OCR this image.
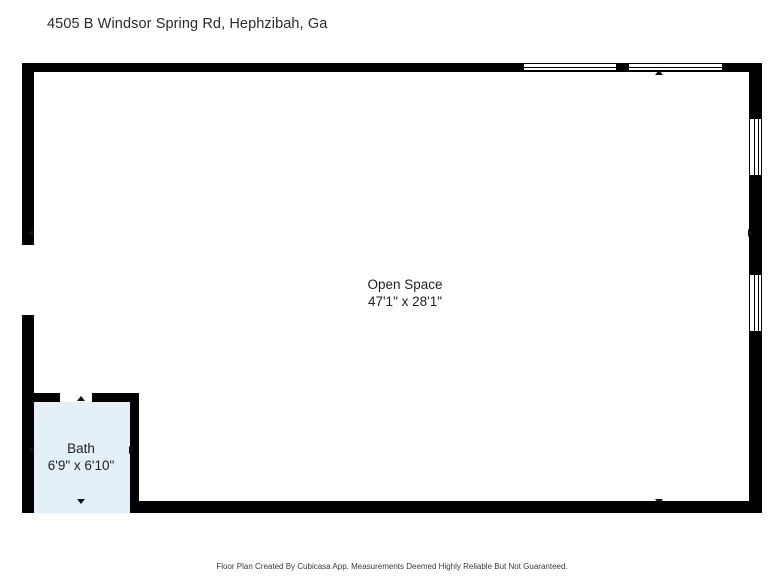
4505 B Windsor Spring Rd, Hephzibah, Ga
Open Space
47'1" x 28'1"
Bath
6'9" x 6'10"
Floor Plan Created By Cubicasa App. Measurements Deemed Highly Reliable But Not Guaranteed.
